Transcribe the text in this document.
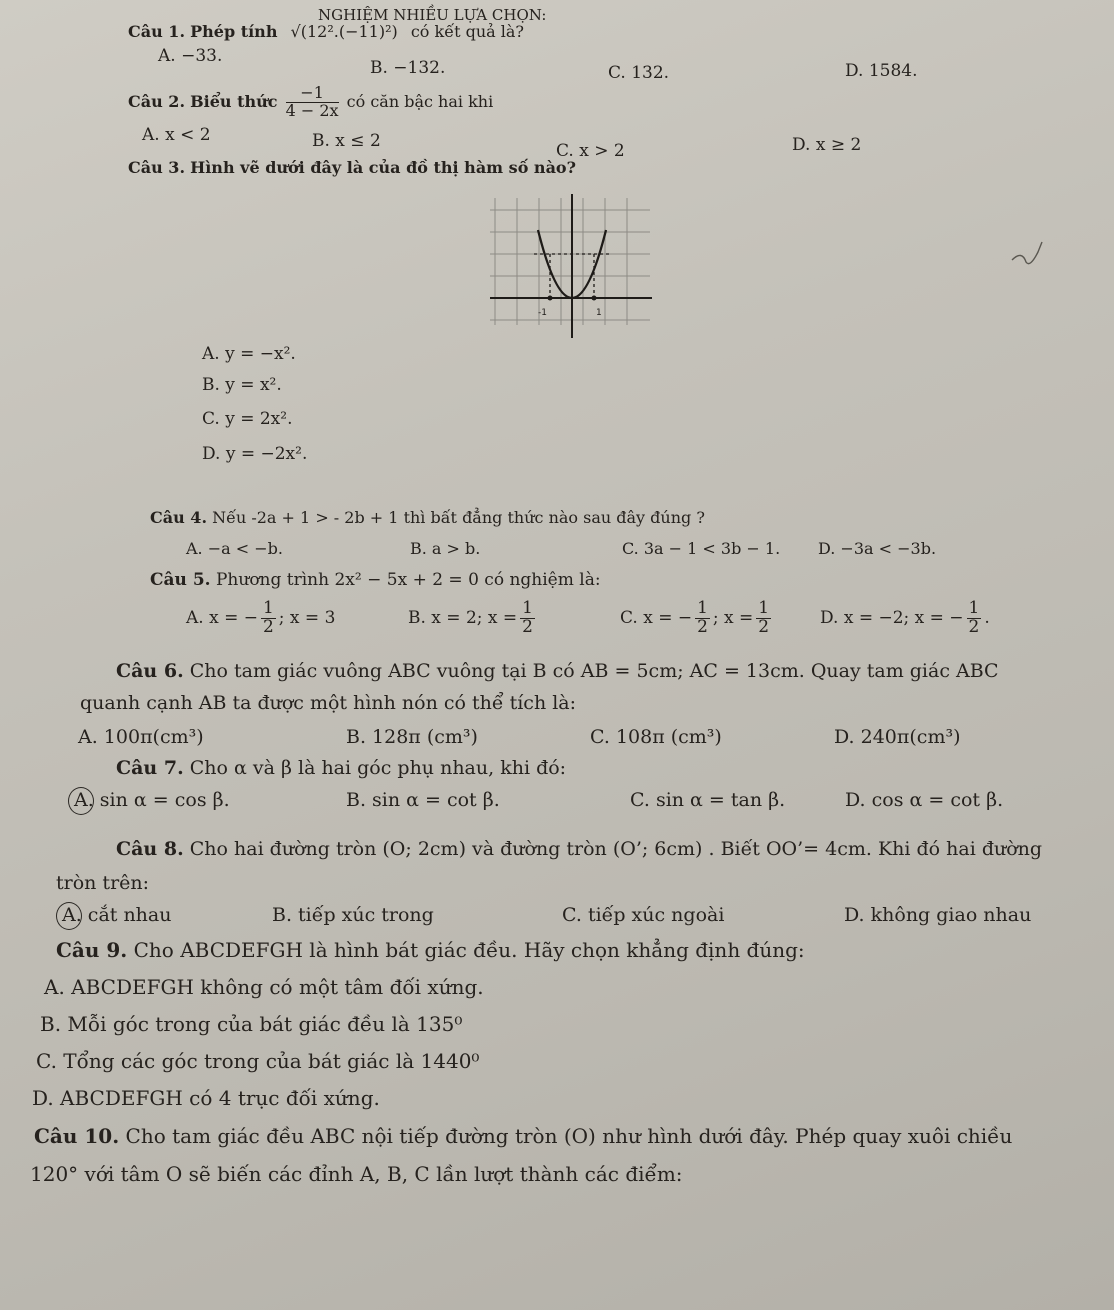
NGHIỆM NHIỀU LỰA CHỌN:
Câu 1. Phép tính √(12².(−11)²) có kết quả là?
A. −33.
B. −132.	C. 132.	D. 1584.
Câu 2. Biểu thức $\frac{-1}{4 - 2x}$ có căn bậc hai khi
A. x < 2	B. x ≤ 2	C. x > 2	D. x ≥ 2
Câu 3. Hình vẽ dưới đây là của đồ thị hàm số nào?
-1	1
A. y = −x².
B. y = x².
C. y = 2x².
D. y = −2x².
Câu 4. Nếu -2a + 1 > - 2b + 1 thì bất đẳng thức nào sau đây đúng ?
A. −a < −b.	B. a > b.	C. 3a − 1 < 3b − 1. D. −3a < −3b.
Câu 5. Phương trình 2x² − 5x + 2 = 0 có nghiệm là:
A. x = − $\frac{1}{2}$ ; x = 3	B. x = 2; $x = \frac{1}{2}$	C. x = − $\frac{1}{2}$ ; $x = \frac{1}{2}$	D. x = −2; x = − $\frac{1}{2}$ .
Câu 6. Cho tam giác vuông ABC vuông tại B có AB = 5cm; AC = 13cm. Quay tam giác ABC
quanh cạnh AB ta được một hình nón có thể tích là:
A. 100π(cm³)	B. 128π (cm³)	C. 108π (cm³)	D. 240π(cm³)
Câu 7. Cho α và β là hai góc phụ nhau, khi đó:
A. sin α = cos β.	B. sin α = cot β.	C. sin α = tan β.	D. cos α = cot β.
Câu 8. Cho hai đường tròn (O; 2cm) và đường tròn (O’; 6cm) . Biết OO’= 4cm. Khi đó hai đường
tròn trên:
A. cắt nhau	B. tiếp xúc trong	C. tiếp xúc ngoài	D. không giao nhau
Câu 9. Cho ABCDEFGH là hình bát giác đều. Hãy chọn khẳng định đúng:
A. ABCDEFGH không có một tâm đối xứng.
B. Mỗi góc trong của bát giác đều là 135⁰
C. Tổng các góc trong của bát giác là 1440⁰
D. ABCDEFGH có 4 trục đối xứng.
Câu 10. Cho tam giác đều ABC nội tiếp đường tròn (O) như hình dưới đây. Phép quay xuôi chiều
120° với tâm O sẽ biến các đỉnh A, B, C lần lượt thành các điểm:
